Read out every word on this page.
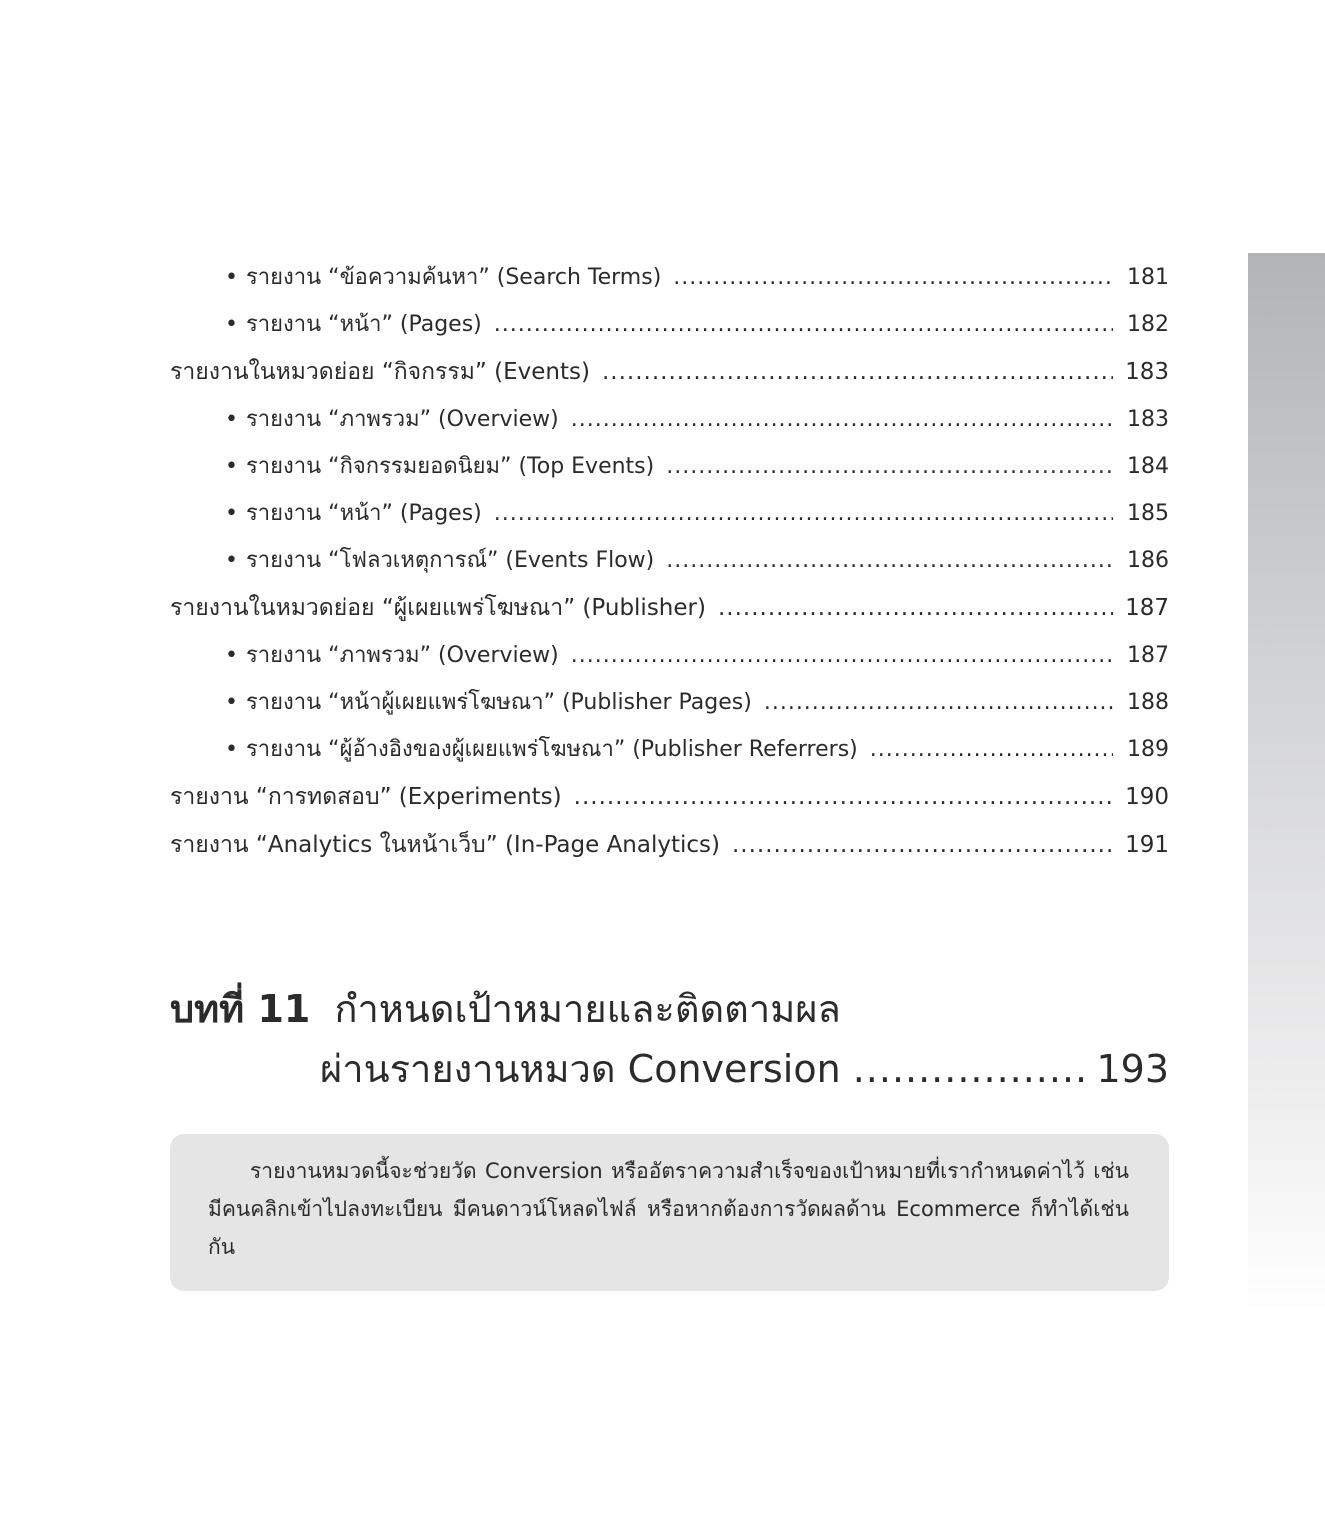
• รายงาน “ข้อความค้นหา” (Search Terms) .....	181
• รายงาน “หน้า” (Pages) .....	182
รายงานในหมวดย่อย “กิจกรรม” (Events) .....	183
• รายงาน “ภาพรวม” (Overview) .....	183
• รายงาน “กิจกรรมยอดนิยม” (Top Events) .....	184
• รายงาน “หน้า” (Pages) .....	185
• รายงาน “โฟลวเหตุการณ์” (Events Flow) .....	186
รายงานในหมวดย่อย “ผู้เผยแพร่โฆษณา” (Publisher) .....	187
• รายงาน “ภาพรวม” (Overview) .....	187
• รายงาน “หน้าผู้เผยแพร่โฆษณา” (Publisher Pages) .....	188
• รายงาน “ผู้อ้างอิงของผู้เผยแพร่โฆษณา” (Publisher Referrers) .....	189
รายงาน “การทดสอบ” (Experiments) .....	190
รายงาน “Analytics ในหน้าเว็บ” (In-Page Analytics) .....	191
บทที่ 11 กำหนดเป้าหมายและติดตามผล
ผ่านรายงานหมวด Conversion .....	193

รายงานหมวดนี้จะช่วยวัด Conversion หรืออัตราความสำเร็จของเป้าหมายที่เรากำหนดค่าไว้ เช่น มีคนคลิกเข้าไปลงทะเบียน มีคนดาวน์โหลดไฟล์ หรือหากต้องการวัดผลด้าน Ecommerce ก็ทำได้เช่นกัน
